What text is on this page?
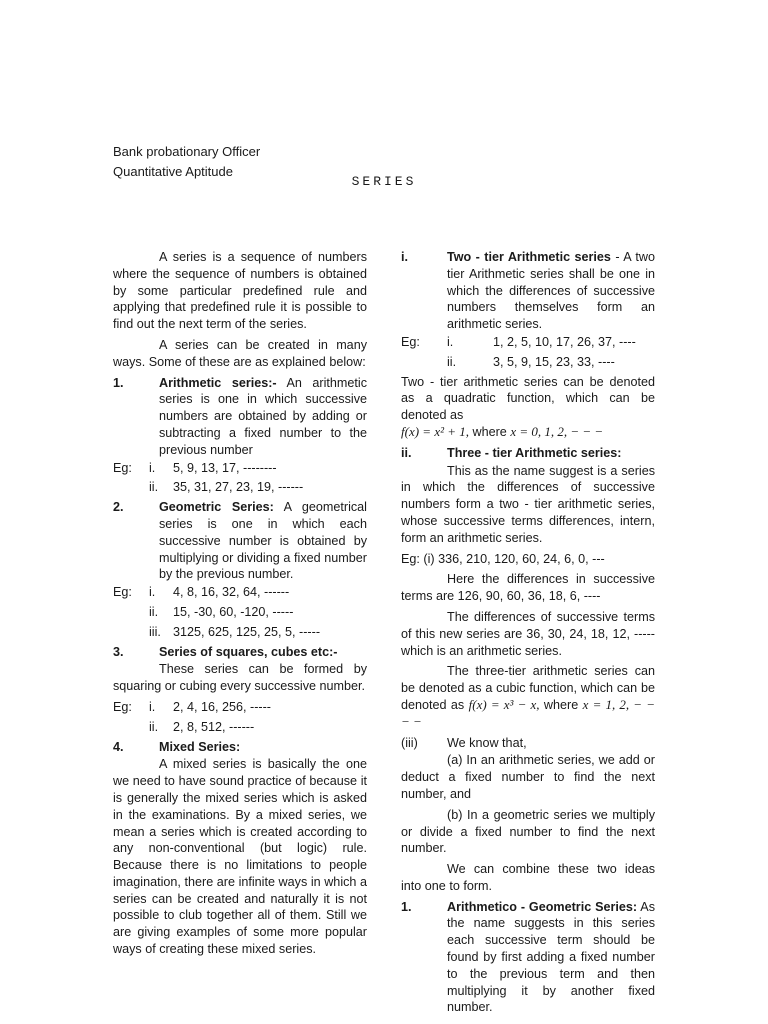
Bank probationary Officer
Quantitative Aptitude
SERIES

A series is a sequence of numbers where the sequence of numbers is obtained by some particular predefined rule and applying that predefined rule it is possible to find out the next term of the series.

A series can be created in many ways. Some of these are as explained below:

1.	Arithmetic series:- An arithmetic series is one in which successive numbers are obtained by adding or subtracting a fixed number to the previous number
Eg:	i.	5, 9, 13, 17, --------
ii.	35, 31, 27, 23, 19, ------
2.	Geometric Series: A geometrical series is one in which each successive number is obtained by multiplying or dividing a fixed number by the previous number.
Eg:	i.	4, 8, 16, 32, 64, ------
ii.	15, -30, 60, -120, -----
iii. 3125, 625, 125, 25, 5, -----
3.	Series of squares, cubes etc:-

These series can be formed by squaring or cubing every successive number.

Eg:	i.	2, 4, 16, 256, -----
ii.	2, 8, 512, ------
4.	Mixed Series:

A mixed series is basically the one we need to have sound practice of because it is generally the mixed series which is asked in the examinations. By a mixed series, we mean a series which is created according to any non-conventional (but logic) rule. Because there is no limitations to people imagination, there are infinite ways in which a series can be created and naturally it is not possible to club together all of them. Still we are giving examples of some more popular ways of creating these mixed series.

i.	Two - tier Arithmetic series - A two tier Arithmetic series shall be one in which the differences of successive numbers themselves form an arithmetic series.
Eg:	i.	1, 2, 5, 10, 17, 26, 37, ----
ii.	3, 5, 9, 15, 23, 33, ----

Two - tier arithmetic series can be denoted as a quadratic function, which can be denoted as
f(x) = x² + 1, where x = 0, 1, 2, − − −

ii.	Three - tier Arithmetic series:

This as the name suggest is a series in which the differences of successive numbers form a two - tier arithmetic series, whose successive terms differences, intern, form an arithmetic series.

Eg: (i) 336, 210, 120, 60, 24, 6, 0, ---

Here the differences in successive terms are 126, 90, 60, 36, 18, 6, ----

The differences of successive terms of this new series are 36, 30, 24, 18, 12, ----- which is an arithmetic series.

The three-tier arithmetic series can be denoted as a cubic function, which can be denoted as f(x) = x³ − x, where x = 1, 2, − − − −

(iii)	We know that,

(a) In an arithmetic series, we add or deduct a fixed number to find the next number, and

(b) In a geometric series we multiply or divide a fixed number to find the next number.

We can combine these two ideas into one to form.

1.	Arithmetico - Geometric Series: As the name suggests in this series each successive term should be found by first adding a fixed number to the previous term and then multiplying it by another fixed number.
